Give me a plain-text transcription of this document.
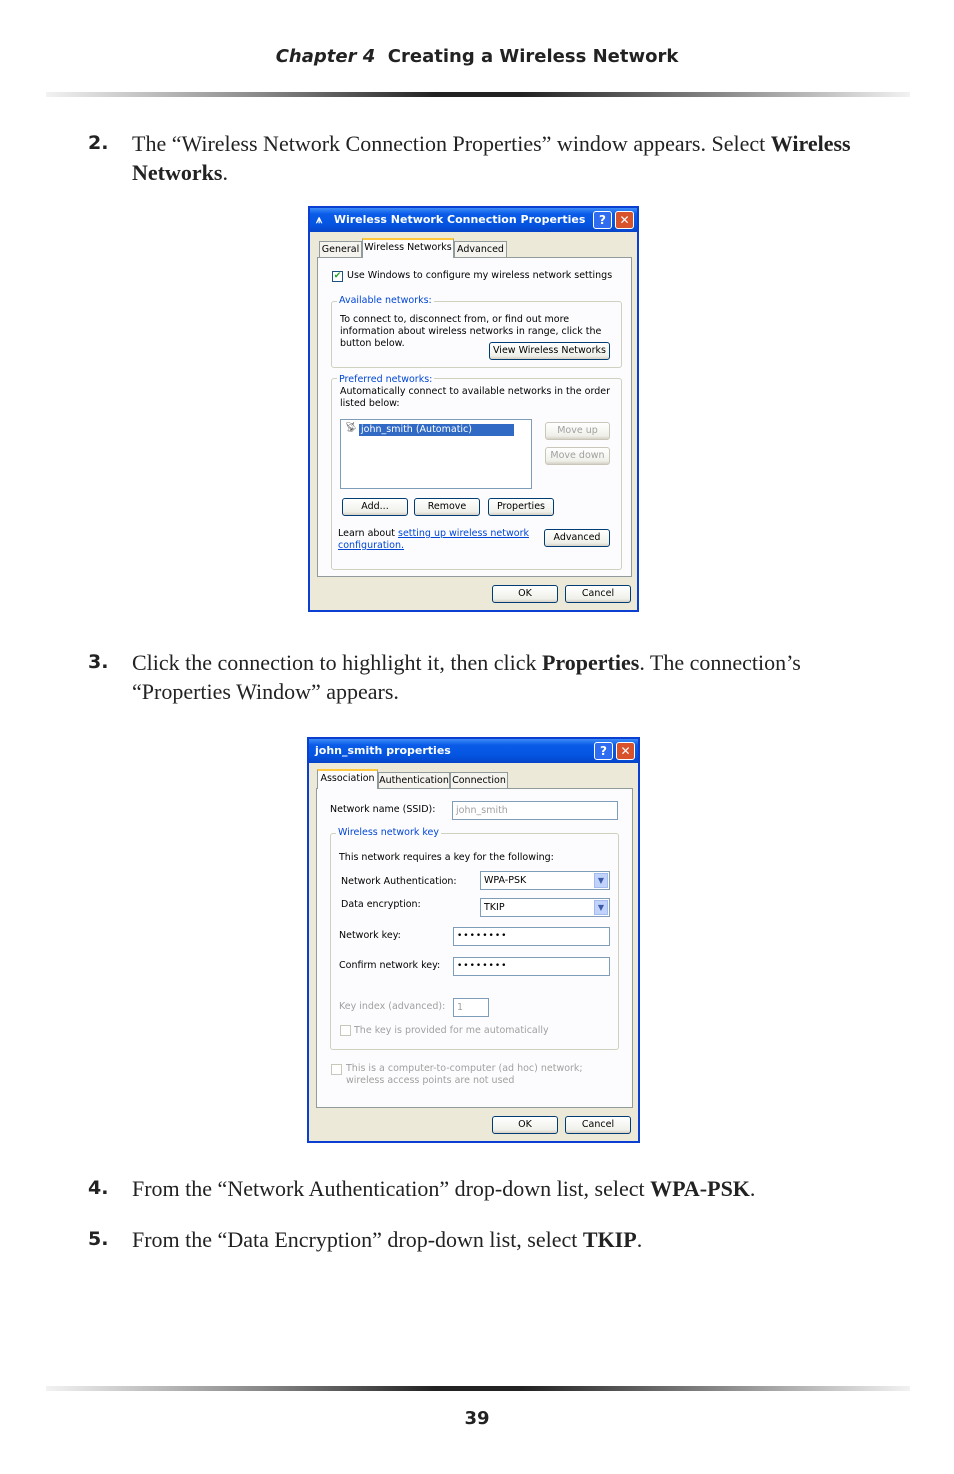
Chapter 4 Creating a Wireless Network
2. The “Wireless Network Connection Properties” window appears. Select Wireless Networks.
⩚ Wireless Network Connection Properties	?	✕
General Wireless Networks Advanced
✔ Use Windows to configure my wireless network settings
Available networks:
To connect to, disconnect from, or find out more information about wireless networks in range, click the button below.
View Wireless Networks
Preferred networks:
Automatically connect to available networks in the order listed below:
📡︎ john_smith (Automatic)	Move up
Move down
Add...	Remove	Properties
Learn about setting up wireless network configuration.
Advanced
OK	Cancel
3. Click the connection to highlight it, then click Properties. The connection’s “Properties Window” appears.
john_smith properties	?	✕
Association Authentication Connection
Network name (SSID):	john_smith
Wireless network key
This network requires a key for the following:
Network Authentication:	WPA-PSK	▼
Data encryption:	TKIP	▼
Network key:	••••••••
Confirm network key:	••••••••
Key index (advanced):	1
The key is provided for me automatically
This is a computer-to-computer (ad hoc) network; wireless access points are not used
OK	Cancel
4. From the “Network Authentication” drop-down list, select WPA-PSK.
5. From the “Data Encryption” drop-down list, select TKIP.
39
